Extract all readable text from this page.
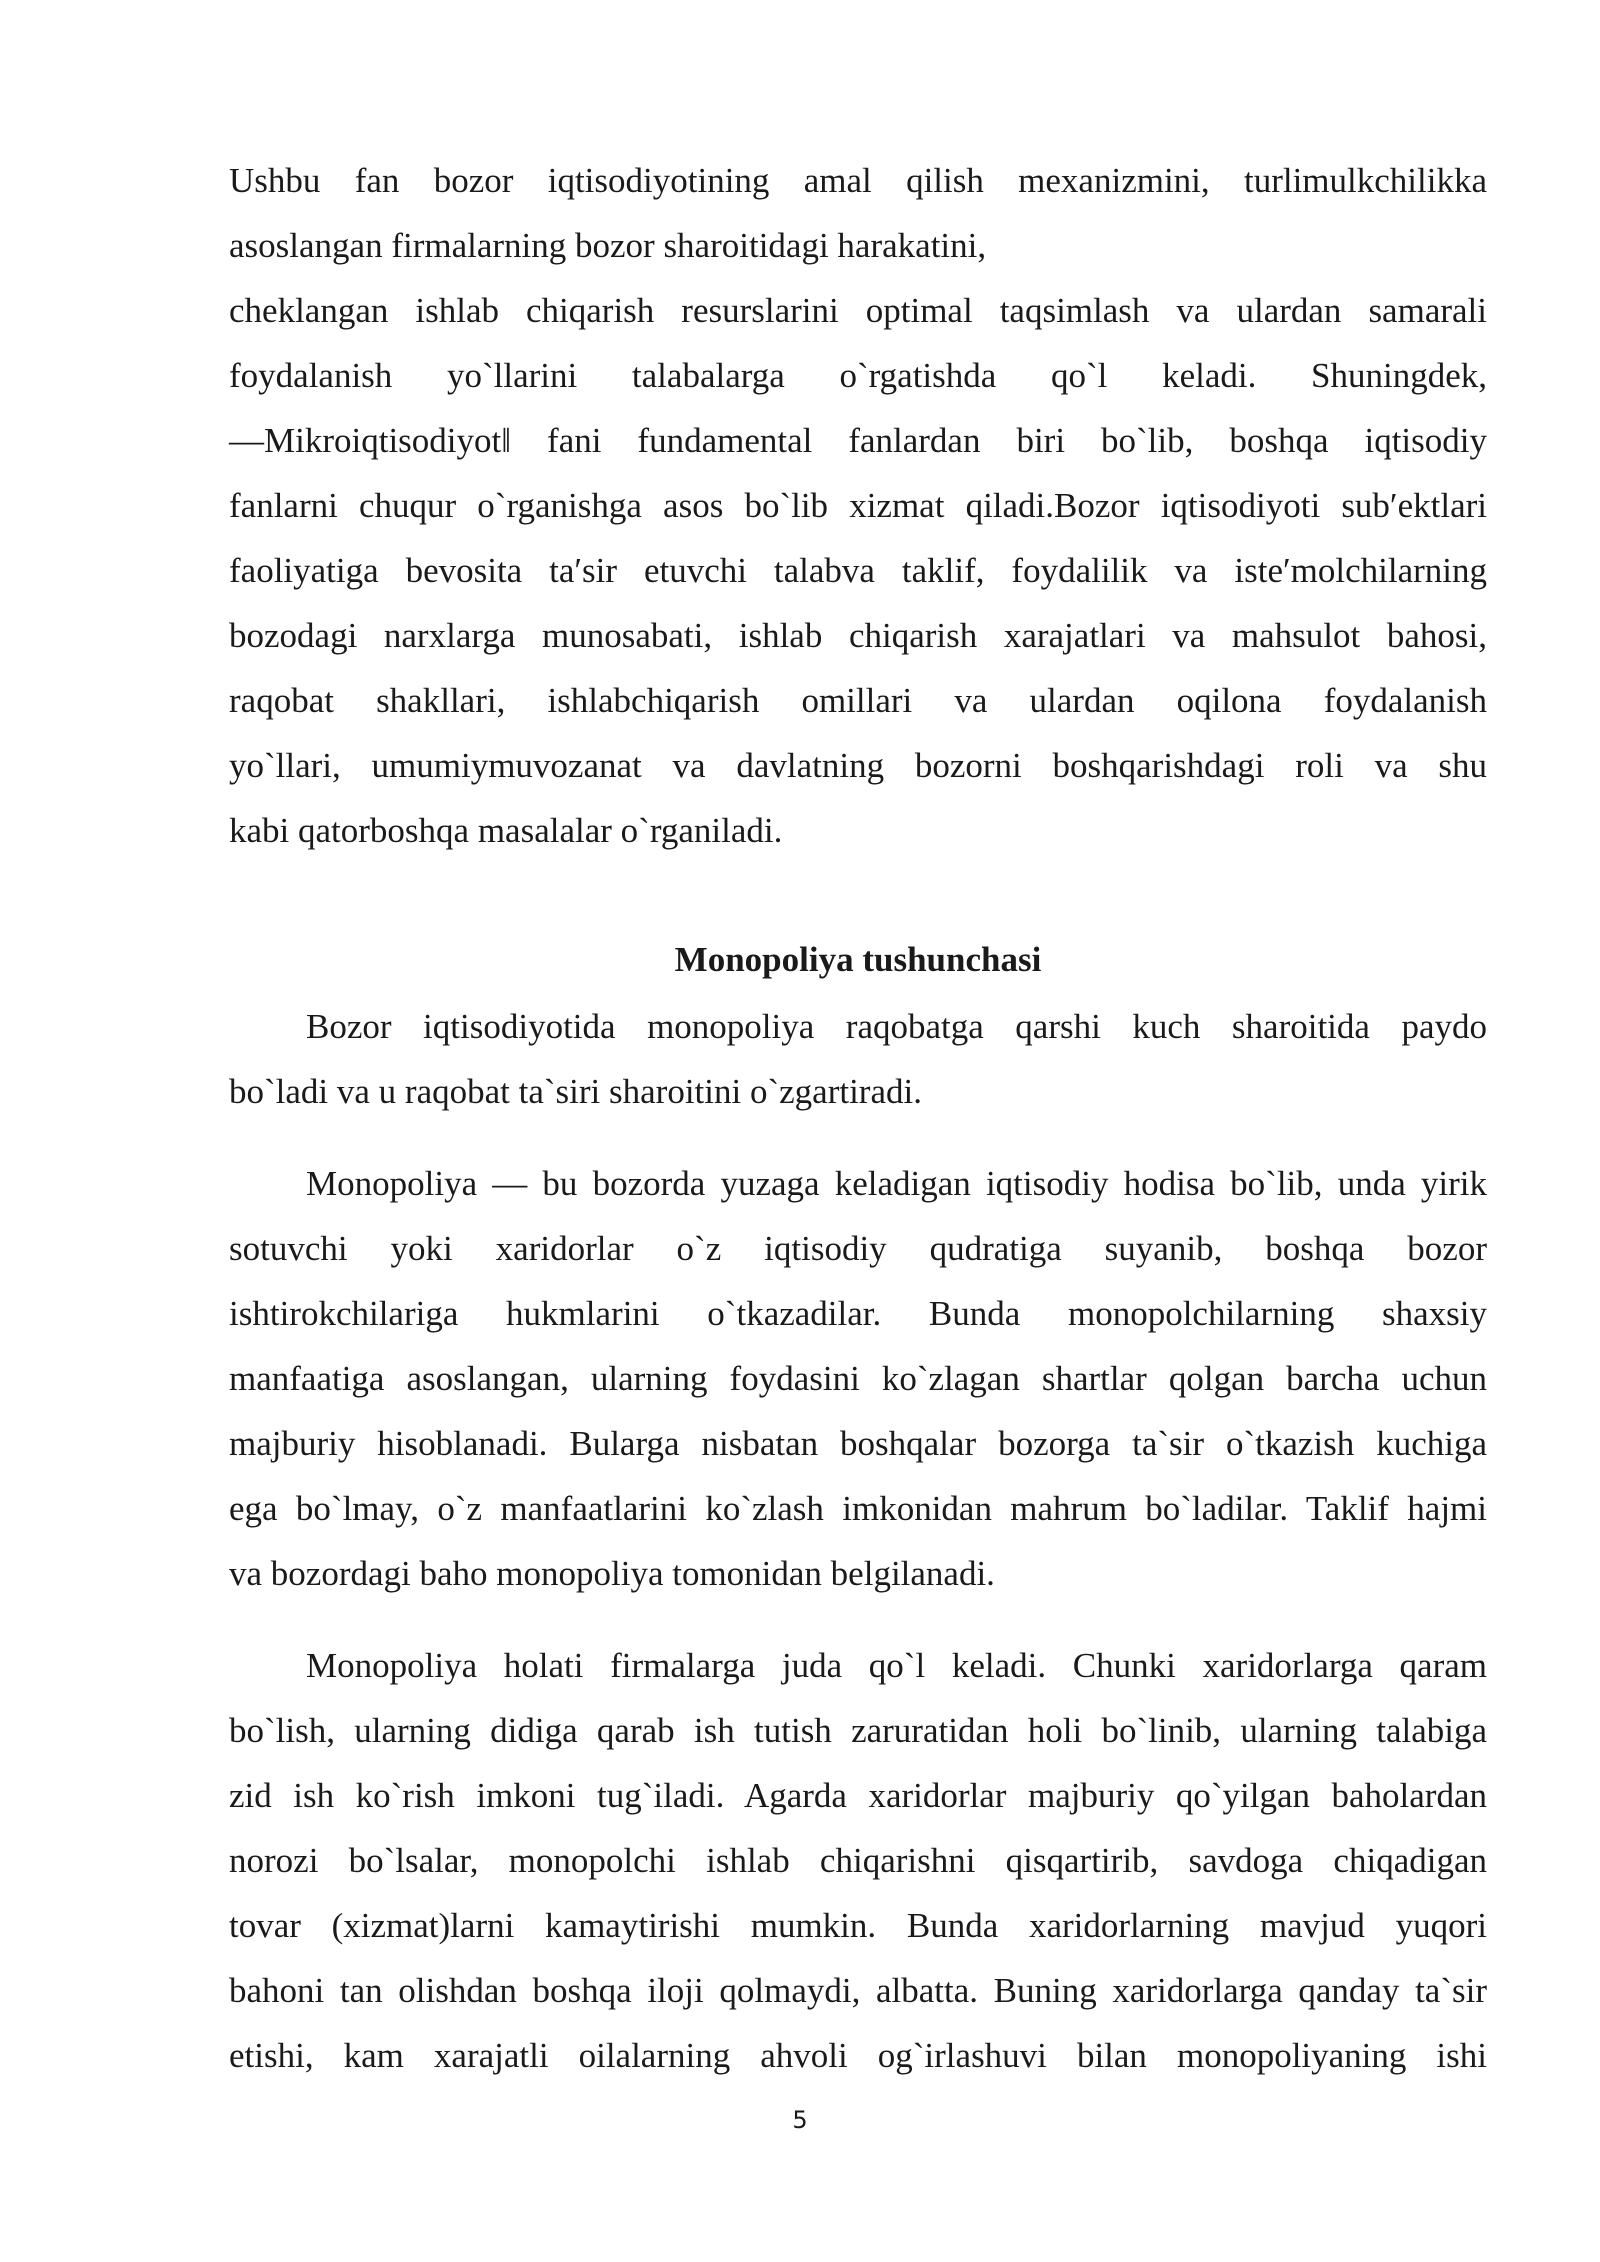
Ushbu fan bozor iqtisodiyotining amal qilish mexanizmini, turlimulkchilikka
asoslangan firmalarning bozor sharoitidagi harakatini,
cheklangan ishlab chiqarish resurslarini optimal taqsimlash va ulardan samarali
foydalanish yo`llarini talabalarga o`rgatishda qo`l keladi. Shuningdek,
—Mikroiqtisodiyot‖ fani fundamental fanlardan biri bo`lib, boshqa iqtisodiy
fanlarni chuqur o`rganishga asos bo`lib xizmat qiladi.Bozor iqtisodiyoti sub′ektlari
faoliyatiga bevosita ta′sir etuvchi talabva taklif, foydalilik va iste′molchilarning
bozodagi narxlarga munosabati, ishlab chiqarish xarajatlari va mahsulot bahosi,
raqobat shakllari, ishlabchiqarish omillari va ulardan oqilona foydalanish
yo`llari, umumiymuvozanat va davlatning bozorni boshqarishdagi roli va shu
kabi qatorboshqa masalalar o`rganiladi.

Monopoliya tushunchasi

Bozor iqtisodiyotida monopoliya raqobatga qarshi kuch sharoitida paydo
bo`ladi va u raqobat ta`siri sharoitini o`zgartiradi.

Monopoliya — bu bozorda yuzaga keladigan iqtisodiy hodisa bo`lib, unda yirik
sotuvchi yoki xaridorlar o`z iqtisodiy qudratiga suyanib, boshqa bozor
ishtirokchilariga hukmlarini o`tkazadilar. Bunda monopolchilarning shaxsiy
manfaatiga asoslangan, ularning foydasini ko`zlagan shartlar qolgan barcha uchun
majburiy hisoblanadi. Bularga nisbatan boshqalar bozorga ta`sir o`tkazish kuchiga
ega bo`lmay, o`z manfaatlarini ko`zlash imkonidan mahrum bo`ladilar. Taklif hajmi
va bozordagi baho monopoliya tomonidan belgilanadi.

Monopoliya holati firmalarga juda qo`l keladi. Chunki xaridorlarga qaram
bo`lish, ularning didiga qarab ish tutish zaruratidan holi bo`linib, ularning talabiga
zid ish ko`rish imkoni tug`iladi. Agarda xaridorlar majburiy qo`yilgan baholardan
norozi bo`lsalar, monopolchi ishlab chiqarishni qisqartirib, savdoga chiqadigan
tovar (xizmat)larni kamaytirishi mumkin. Bunda xaridorlarning mavjud yuqori
bahoni tan olishdan boshqa iloji qolmaydi, albatta. Buning xaridorlarga qanday ta`sir
etishi, kam xarajatli oilalarning ahvoli og`irlashuvi bilan monopoliyaning ishi

5
